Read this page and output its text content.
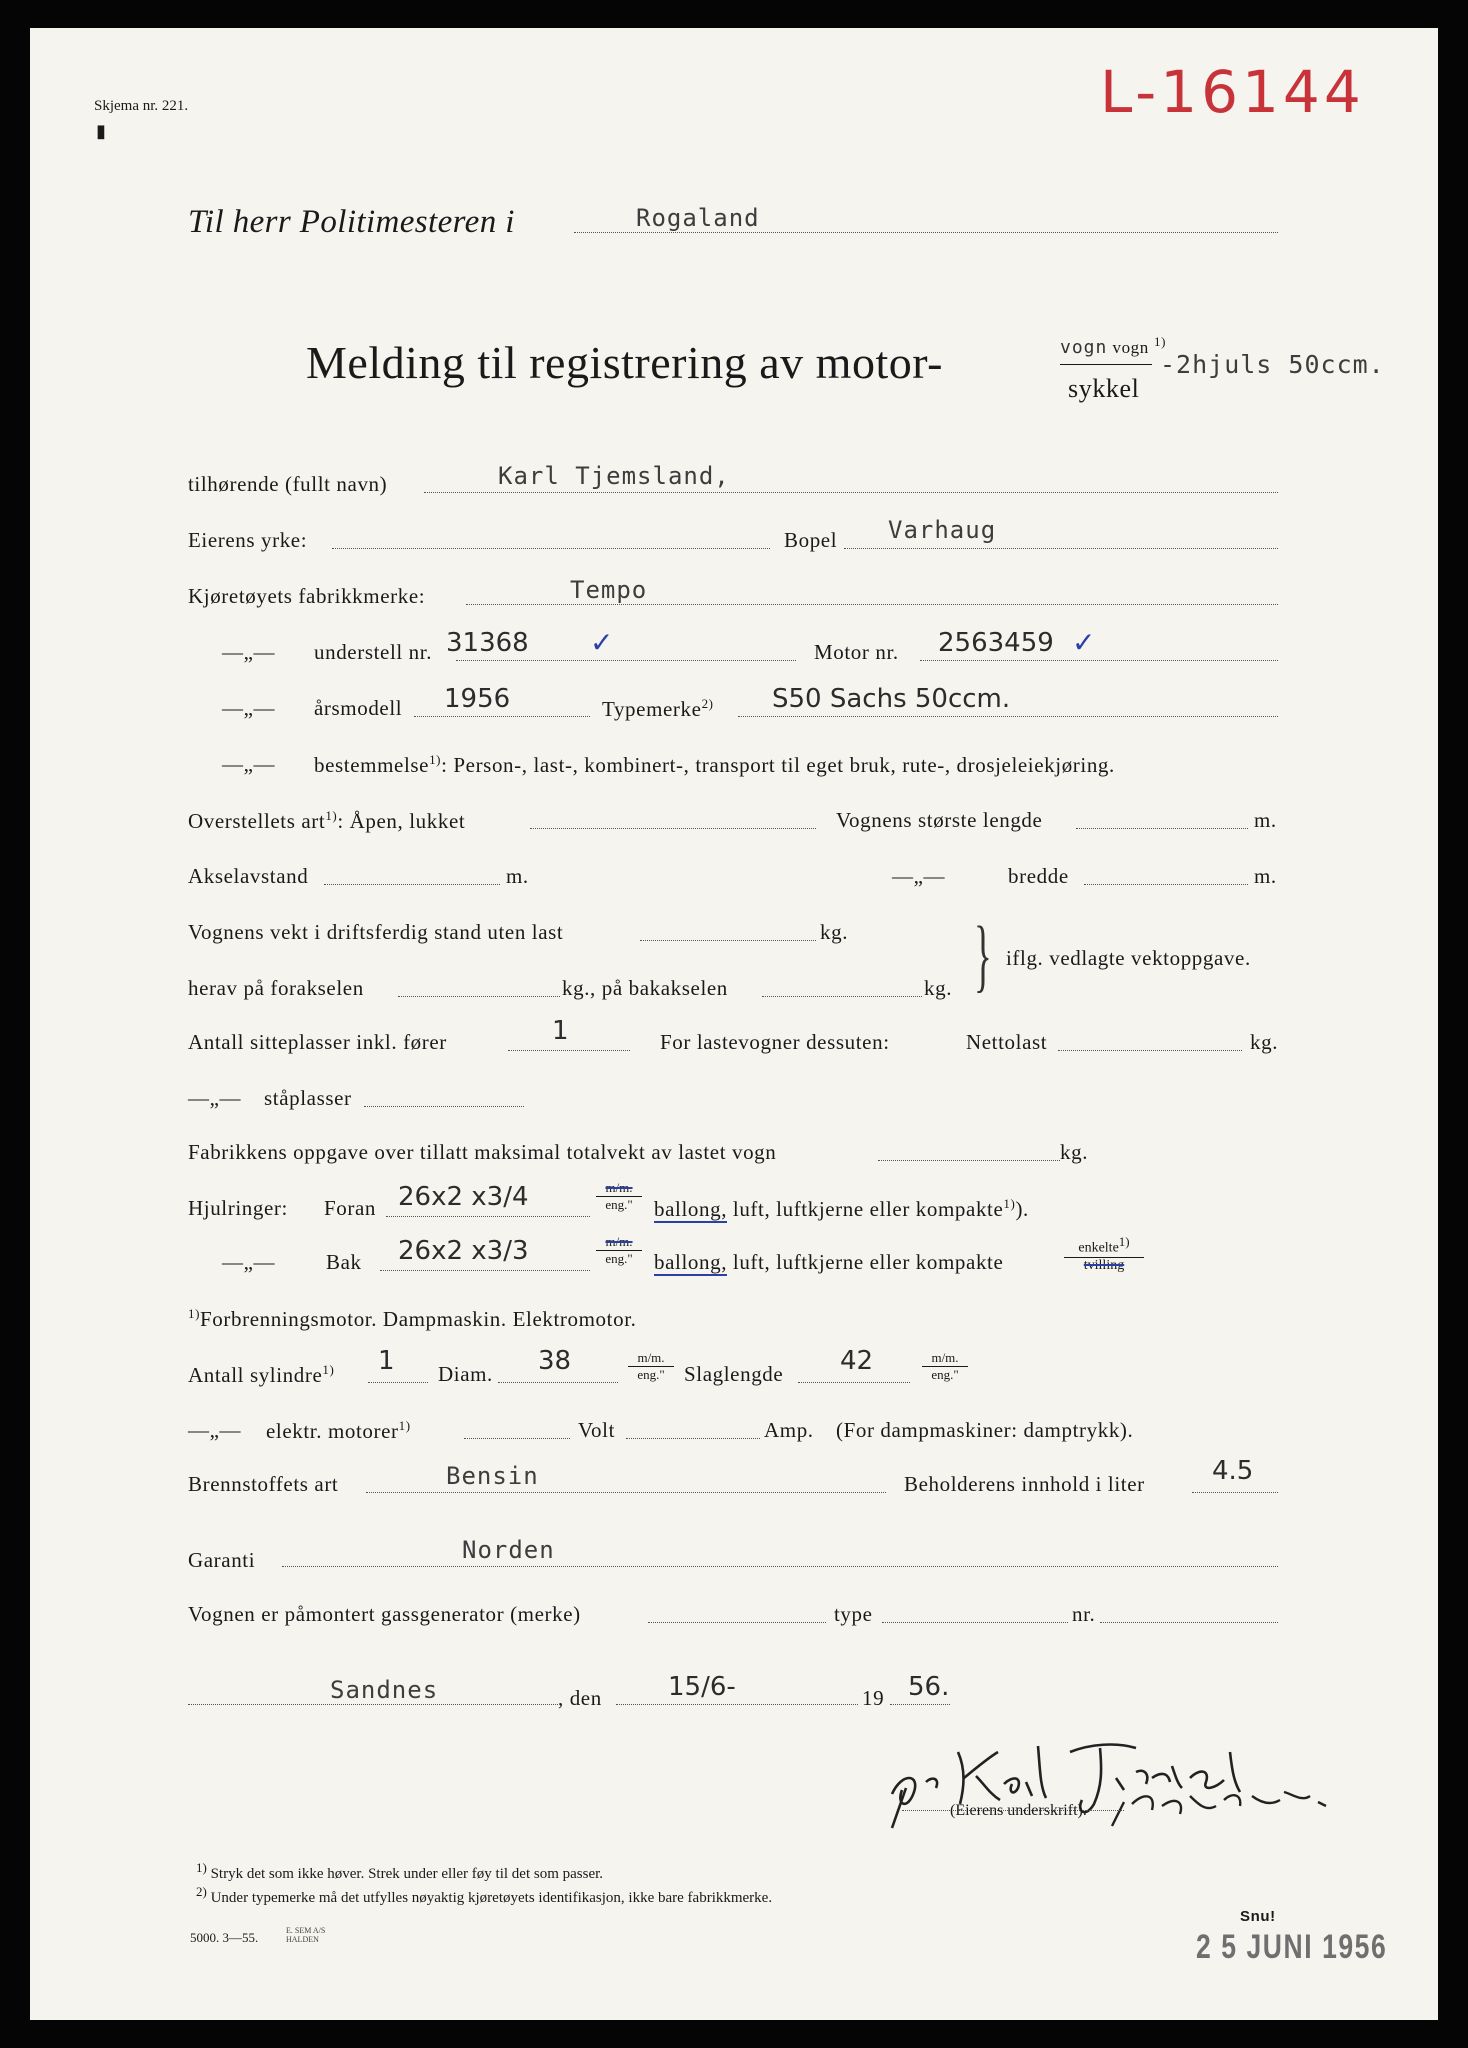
Skjema nr. 221.
▮
L-16144
Til herr Politimesteren i	Rogaland
Melding til registrering av motor-	vogn vogn $^{1)}$
sykkel
-2hjuls 50ccm.
tilhørende (fullt navn)	Karl Tjemsland,
Eierens yrke:	Bopel Varhaug
Kjøretøyets fabrikkmerke:	Tempo
—„— understell nr. 31368 ✓	Motor nr. 2563459 ✓
—„— årsmodell 1956	Typemerke$^{2)}$ S50 Sachs 50ccm.
—„— bestemmelse$^{1)}$: Person-, last-, kombinert-, transport til eget bruk, rute-, drosjeleiekjøring.
Overstellets art$^{1)}$: Åpen, lukket	Vognens største lengde	m.
Akselavstand	m.	—„—	bredde	m.
Vognens vekt i driftsferdig stand uten last	kg.
herav på forakselen	kg., på bakakselen	kg. } iflg. vedlagte vektoppgave.
Antall sitteplasser inkl. fører	1	For lastevogner dessuten:	Nettolast	kg.
—„— ståplasser
Fabrikkens oppgave over tillatt maksimal totalvekt av lastet vogn	kg.
Hjulringer: Foran 26x2 x3/4	m/m.
eng."	ballong, luft, luftkjerne eller kompakte$^{1)}$).
—„— Bak 26x2 x3/3	m/m.
eng."	ballong, luft, luftkjerne eller kompakte
enkelte1)
tvilling
$^{1)}$Forbrenningsmotor. Dampmaskin. Elektromotor.
Antall sylindre$^{1)}$ 1 Diam. 38	m/m.
eng." Slaglengde 42	m/m.
eng."
—„— elektr. motorer$^{1)}$	Volt	Amp. (For dampmaskiner: damptrykk).
Brennstoffets art	Bensin	Beholderens innhold i liter	4.5
Garanti	Norden
Vognen er påmontert gassgenerator (merke)	type	nr.
Sandnes	, den	15/6-	19 56.
(Eierens underskrift).
1) Stryk det som ikke høver. Strek under eller føy til det som passer.
2) Under typemerke må det utfylles nøyaktig kjøretøyets identifikasjon, ikke bare fabrikkmerke.
5000. 3—55.	E. SEM A/S HALDEN
Snu!
2 5 JUNI 1956
